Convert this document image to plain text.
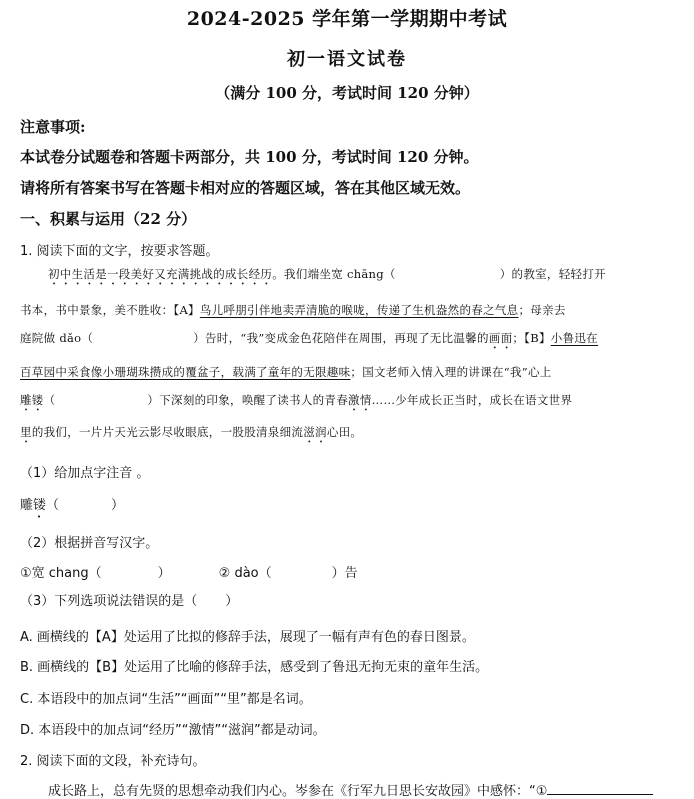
2024-2025 学年第一学期期中考试
初一语文试卷
（满分 100 分，考试时间 120 分钟）
注意事项:
本试卷分试题卷和答题卡两部分，共 100 分，考试时间 120 分钟。
请将所有答案书写在答题卡相对应的答题区域，答在其他区域无效。
一、积累与运用（22 分）
1. 阅读下面的文字，按要求答题。
初中生活是一段美好又充满挑战的成长经历。我们端坐宽 chāng（	）的教室，轻轻打开
书本，书中景象，美不胜收：【A】鸟儿呼朋引伴地卖弄清脆的喉咙，传递了生机盎然的春之气息；母亲去
庭院做 dǎo（	）告时，“我”变成金色花陪伴在周围，再现了无比温馨的画面；【B】小鲁迅在
百草园中采食像小珊瑚珠攒成的覆盆子，载满了童年的无限趣味；国文老师入情入理的讲课在“我”心上
雕镂（	）下深刻的印象，唤醒了读书人的青春激情……少年成长正当时，成长在语文世界
里的我们，一片片天光云影尽收眼底，一股股清泉细流滋润心田。
（1）给加点字注音 。
雕镂（	）
（2）根据拼音写汉字。
①宽 chang（	）	② dào（	）告
（3）下列选项说法错误的是（ ）
A. 画横线的【A】处运用了比拟的修辞手法，展现了一幅有声有色的春日图景。
B. 画横线的【B】处运用了比喻的修辞手法，感受到了鲁迅无拘无束的童年生活。
C. 本语段中的加点词“生活”“画面”“里”都是名词。
D. 本语段中的加点词“经历”“激情”“滋润”都是动词。
2. 阅读下面的文段，补充诗句。
成长路上，总有先贤的思想牵动我们内心。岑参在《行军九日思长安故园》中感怀：“①
